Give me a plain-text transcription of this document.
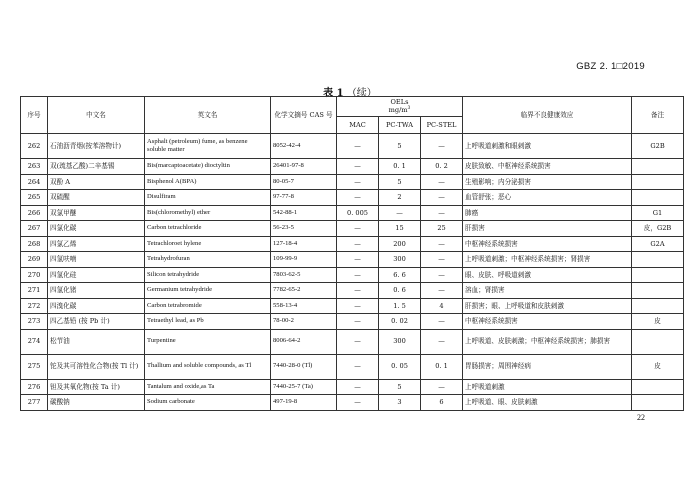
GBZ 2. 1□2019
表 1 （续）
序号	中文名	英文名	化学文摘号 CAS 号	OELs
$mg/m^3$			临界不良健康效应	备注
				MAC	PC-TWA	PC-STEL		
262	石油沥青烟(按苯溶物计)	Asphalt (petroleum) fume, as benzene soluble matter	8052-42-4	—	5	—	上呼吸道刺激和眼刺激	G2B
263	双(巯基乙酸)二辛基锡	Bis(marcaptoacetate) dioctyltin	26401-97-8	—	0. 1	0. 2	皮肤致敏、中枢神经系统损害	
264	双酚 A	Bisphenol A(BPA)	80-05-7	—	5	—	生殖影响；内分泌损害	
265	双硫醒	Disulfiram	97-77-8	—	2	—	血管舒张；恶心	
266	双氯甲醚	Bis(chloromethyl) ether	542-88-1	0. 005	—	—	肺癌	G1
267	四氯化碳	Carbon tetrachloride	56-23-5	—	15	25	肝损害	皮，G2B
268	四氯乙烯	Tetrachloroet hylene	127-18-4	—	200	—	中枢神经系统损害	G2A
269	四氢呋喃	Tetrahydrofuran	109-99-9	—	300	—	上呼吸道刺激；中枢神经系统损害；肾损害	
270	四氢化硅	Silicon tetrahydride	7803-62-5	—	6. 6	—	眼、皮肤、呼吸道刺激	
271	四氢化锗	Germanium tetrahydride	7782-65-2	—	0. 6	—	溶血；肾损害	
272	四溴化碳	Carbon tetrabromide	558-13-4	—	1. 5	4	肝损害；眼、上呼吸道和皮肤刺激	
273	四乙基铅 (按 Pb 计)	Tetraethyl lead, as Pb	78-00-2	—	0. 02	—	中枢神经系统损害	皮
274	松节油	Turpentine	8006-64-2	—	300	—	上呼吸道、皮肤刺激；中枢神经系统损害；肺损害	
275	铊及其可溶性化合物(按 Tl 计)	Thallium and soluble compounds, as Tl	7440-28-0 (Tl)	—	0. 05	0. 1	胃肠损害；周围神经病	皮
276	钽及其氧化物(按 Ta 计)	Tantalum and oxide,as Ta	7440-25-7 (Ta)	—	5	—	上呼吸道刺激	
277	碳酸钠	Sodium carbonate	497-19-8	—	3	6	上呼吸道、眼、皮肤刺激	
22
